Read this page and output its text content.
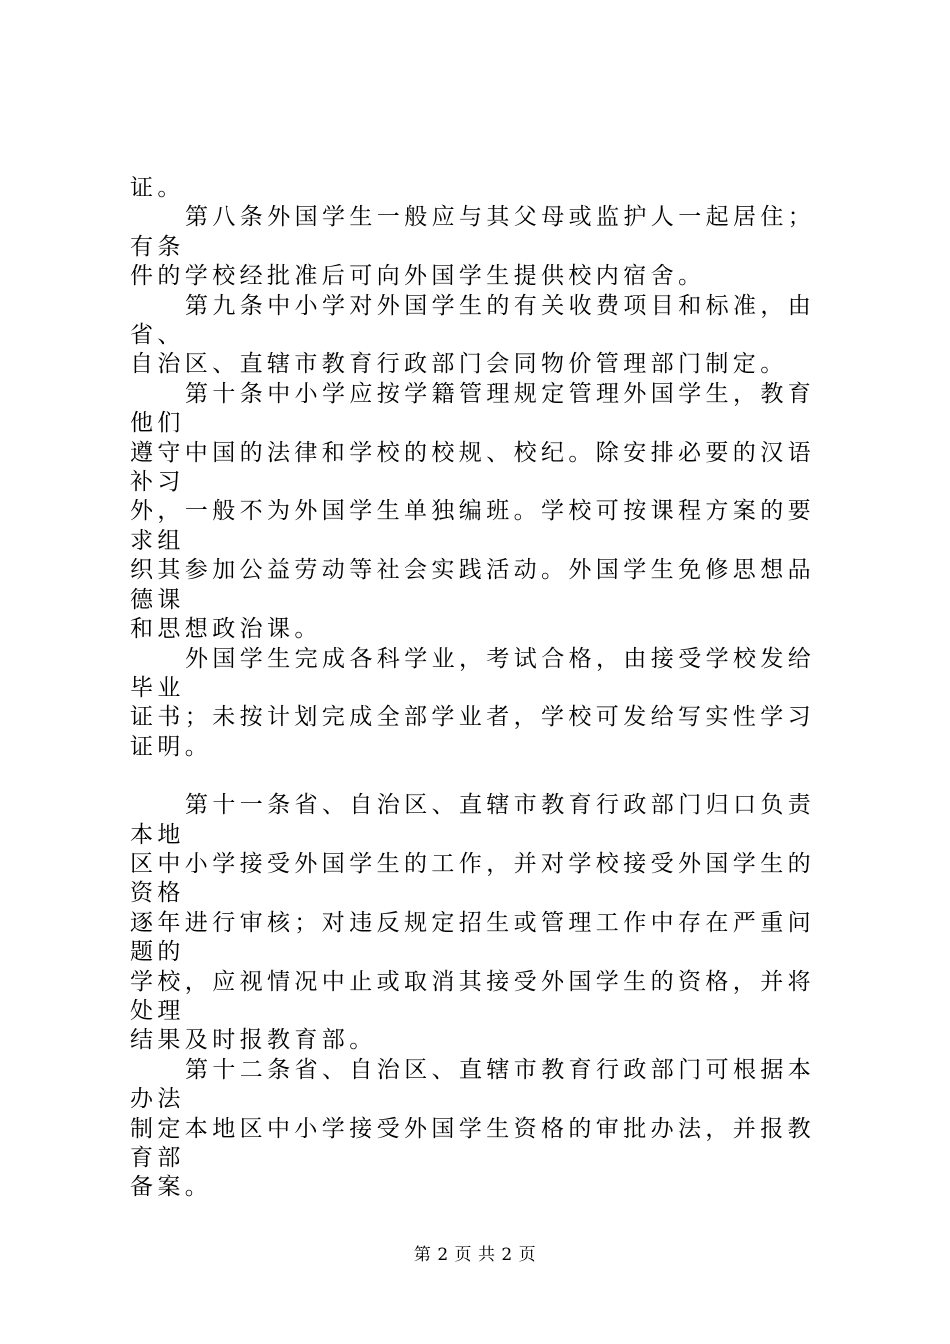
证。

第八条外国学生一般应与其父母或监护人一起居住；有条
件的学校经批准后可向外国学生提供校内宿舍。

第九条中小学对外国学生的有关收费项目和标准，由省、
自治区、直辖市教育行政部门会同物价管理部门制定。

第十条中小学应按学籍管理规定管理外国学生，教育他们
遵守中国的法律和学校的校规、校纪。除安排必要的汉语补习
外，一般不为外国学生单独编班。学校可按课程方案的要求组
织其参加公益劳动等社会实践活动。外国学生免修思想品德课
和思想政治课。

外国学生完成各科学业，考试合格，由接受学校发给毕业
证书；未按计划完成全部学业者，学校可发给写实性学习证明。

第十一条省、自治区、直辖市教育行政部门归口负责本地
区中小学接受外国学生的工作，并对学校接受外国学生的资格
逐年进行审核；对违反规定招生或管理工作中存在严重问题的
学校，应视情况中止或取消其接受外国学生的资格，并将处理
结果及时报教育部。

第十二条省、自治区、直辖市教育行政部门可根据本办法
制定本地区中小学接受外国学生资格的审批办法，并报教育部
备案。

第 2 页 共 2 页
